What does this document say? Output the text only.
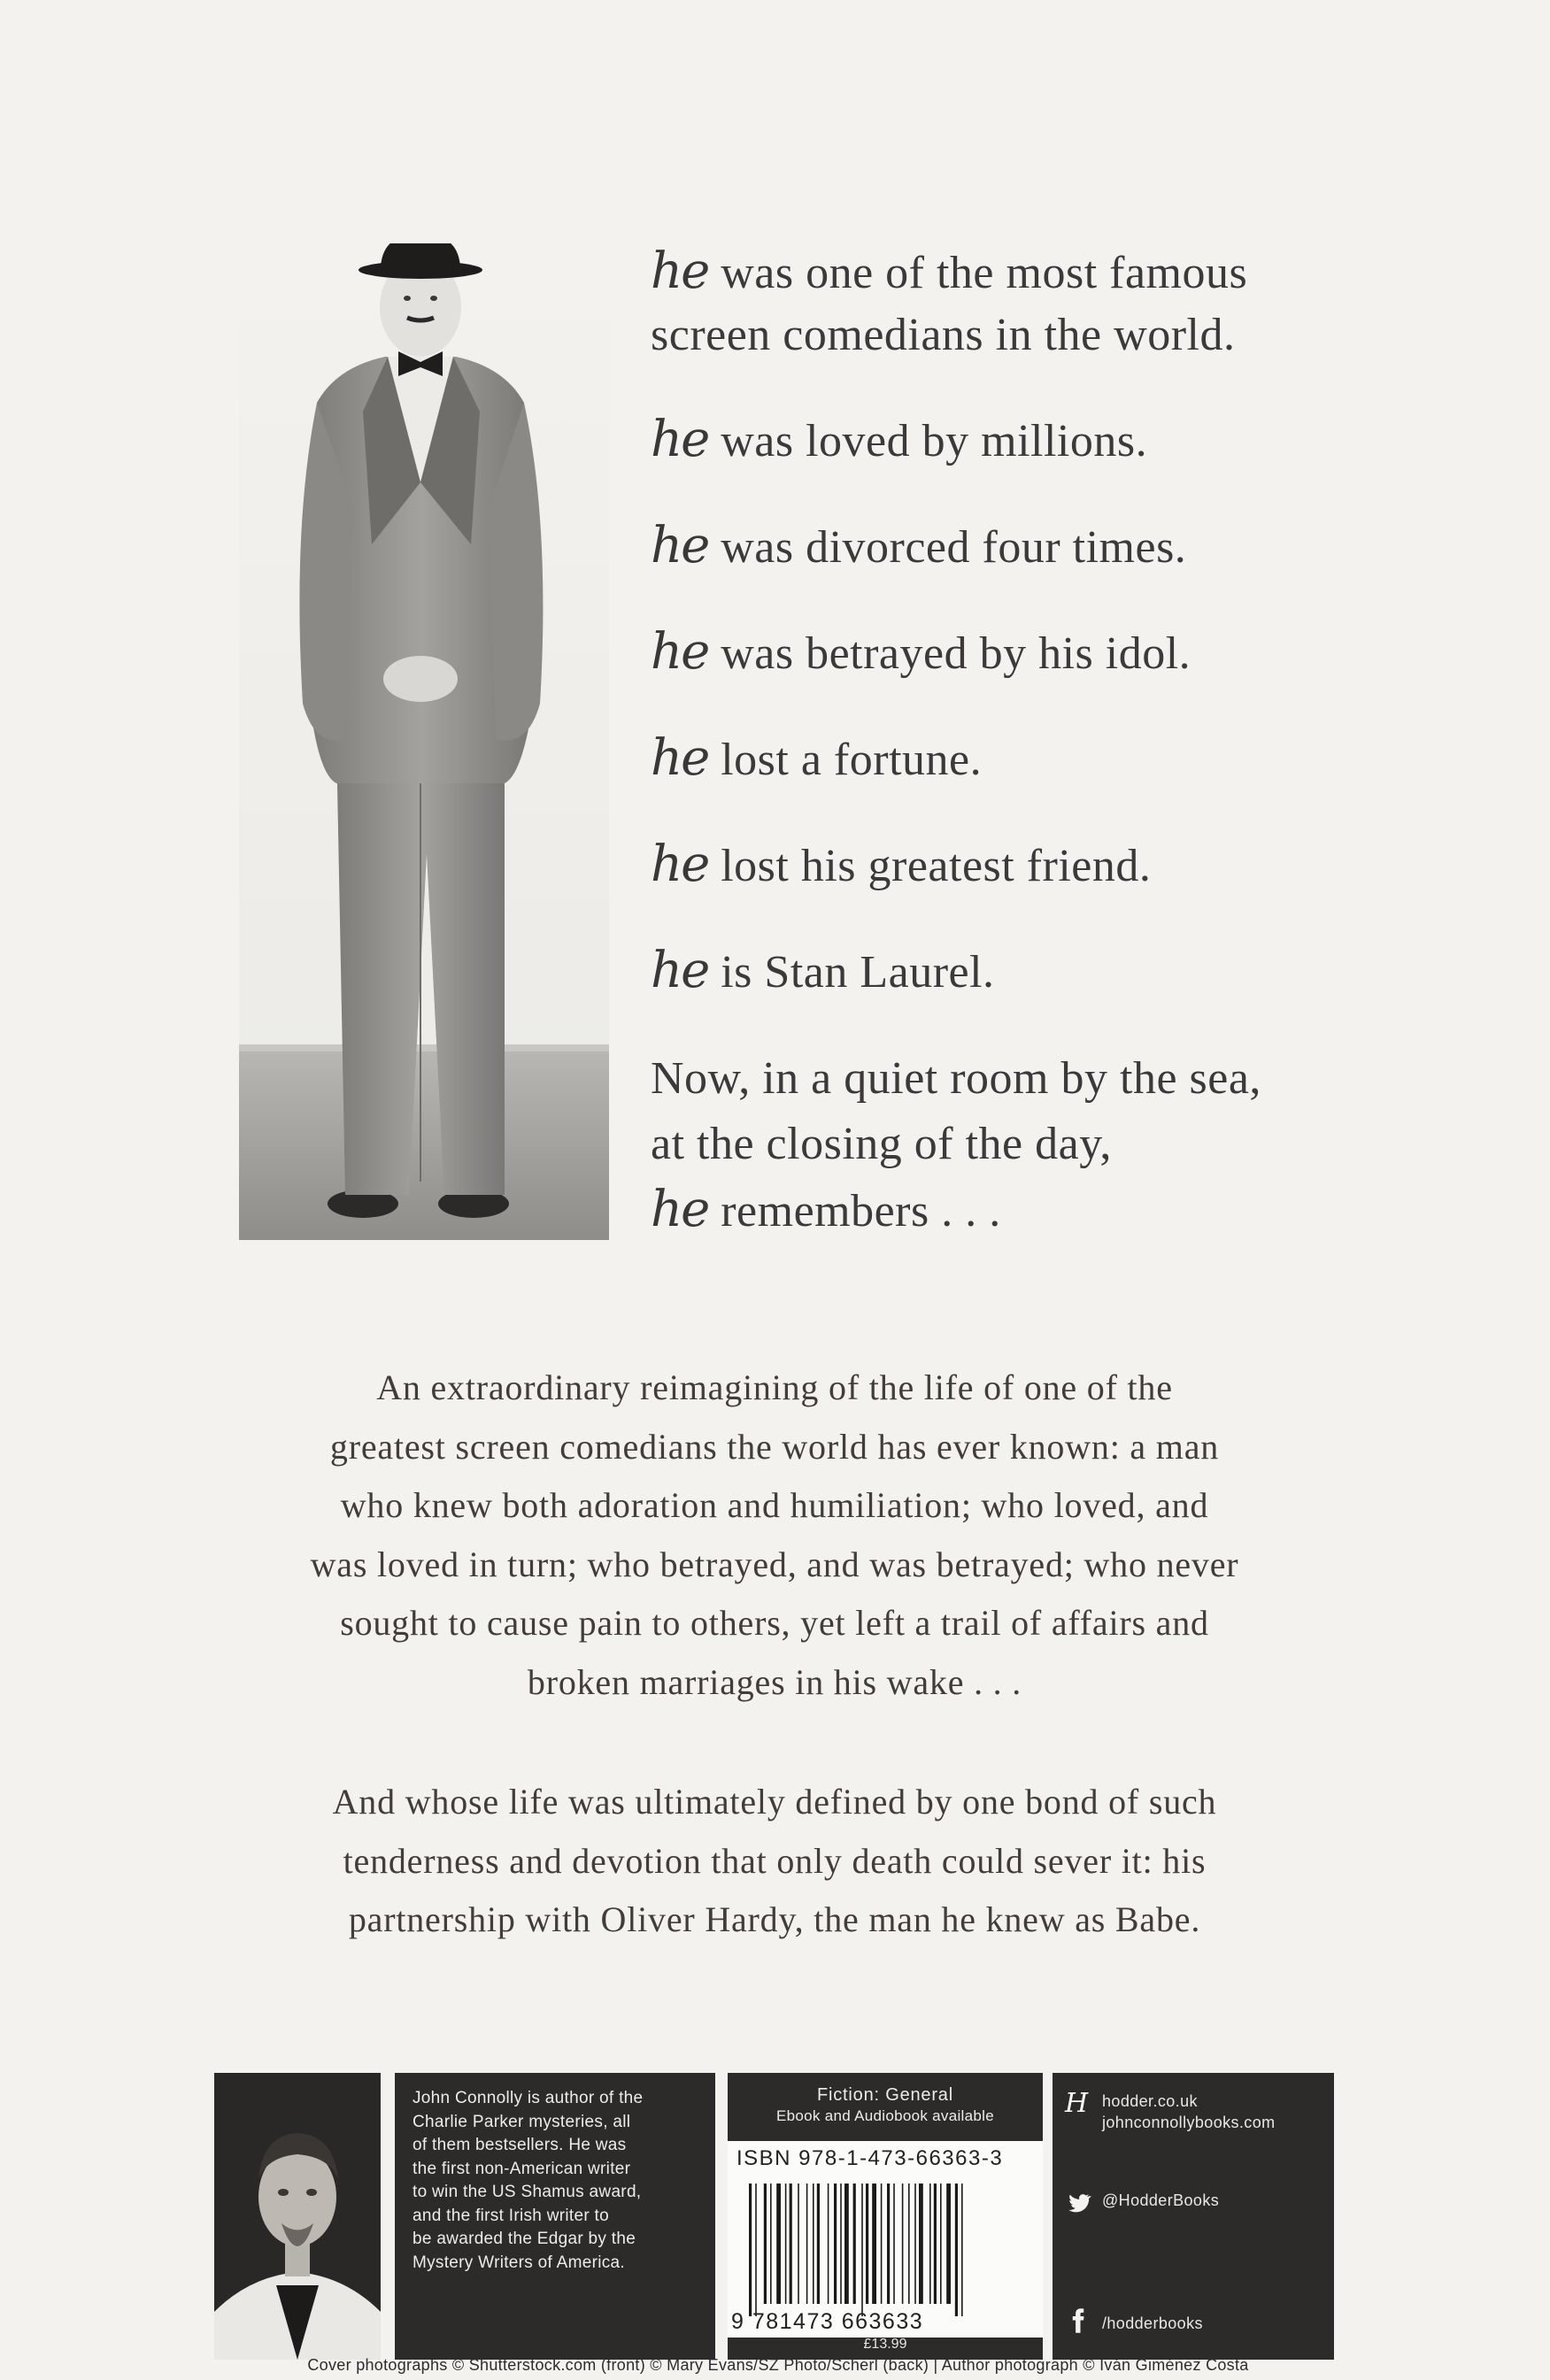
he was one of the most famous
screen comedians in the world.
he was loved by millions.
he was divorced four times.
he was betrayed by his idol.
he lost a fortune.
he lost his greatest friend.
he is Stan Laurel.
Now, in a quiet room by the sea,
at the closing of the day,
he remembers . . .
An extraordinary reimagining of the life of one of the
greatest screen comedians the world has ever known: a man
who knew both adoration and humiliation; who loved, and
was loved in turn; who betrayed, and was betrayed; who never
sought to cause pain to others, yet left a trail of affairs and
broken marriages in his wake . . .
And whose life was ultimately defined by one bond of such
tenderness and devotion that only death could sever it: his
partnership with Oliver Hardy, the man he knew as Babe.
John Connolly is author of the
Charlie Parker mysteries, all
of them bestsellers. He was
the first non-American writer
to win the US Shamus award,
and the first Irish writer to
be awarded the Edgar by the
Mystery Writers of America.
Fiction: General
Ebook and Audiobook available
ISBN 978-1-473-66363-3
9 781473 663633
£13.99
H hodder.co.uk
johnconnollybooks.com
@HodderBooks
/hodderbooks
Cover photographs © Shutterstock.com (front) © Mary Evans/SZ Photo/Scherl (back) | Author photograph © Iván Giménez Costa
